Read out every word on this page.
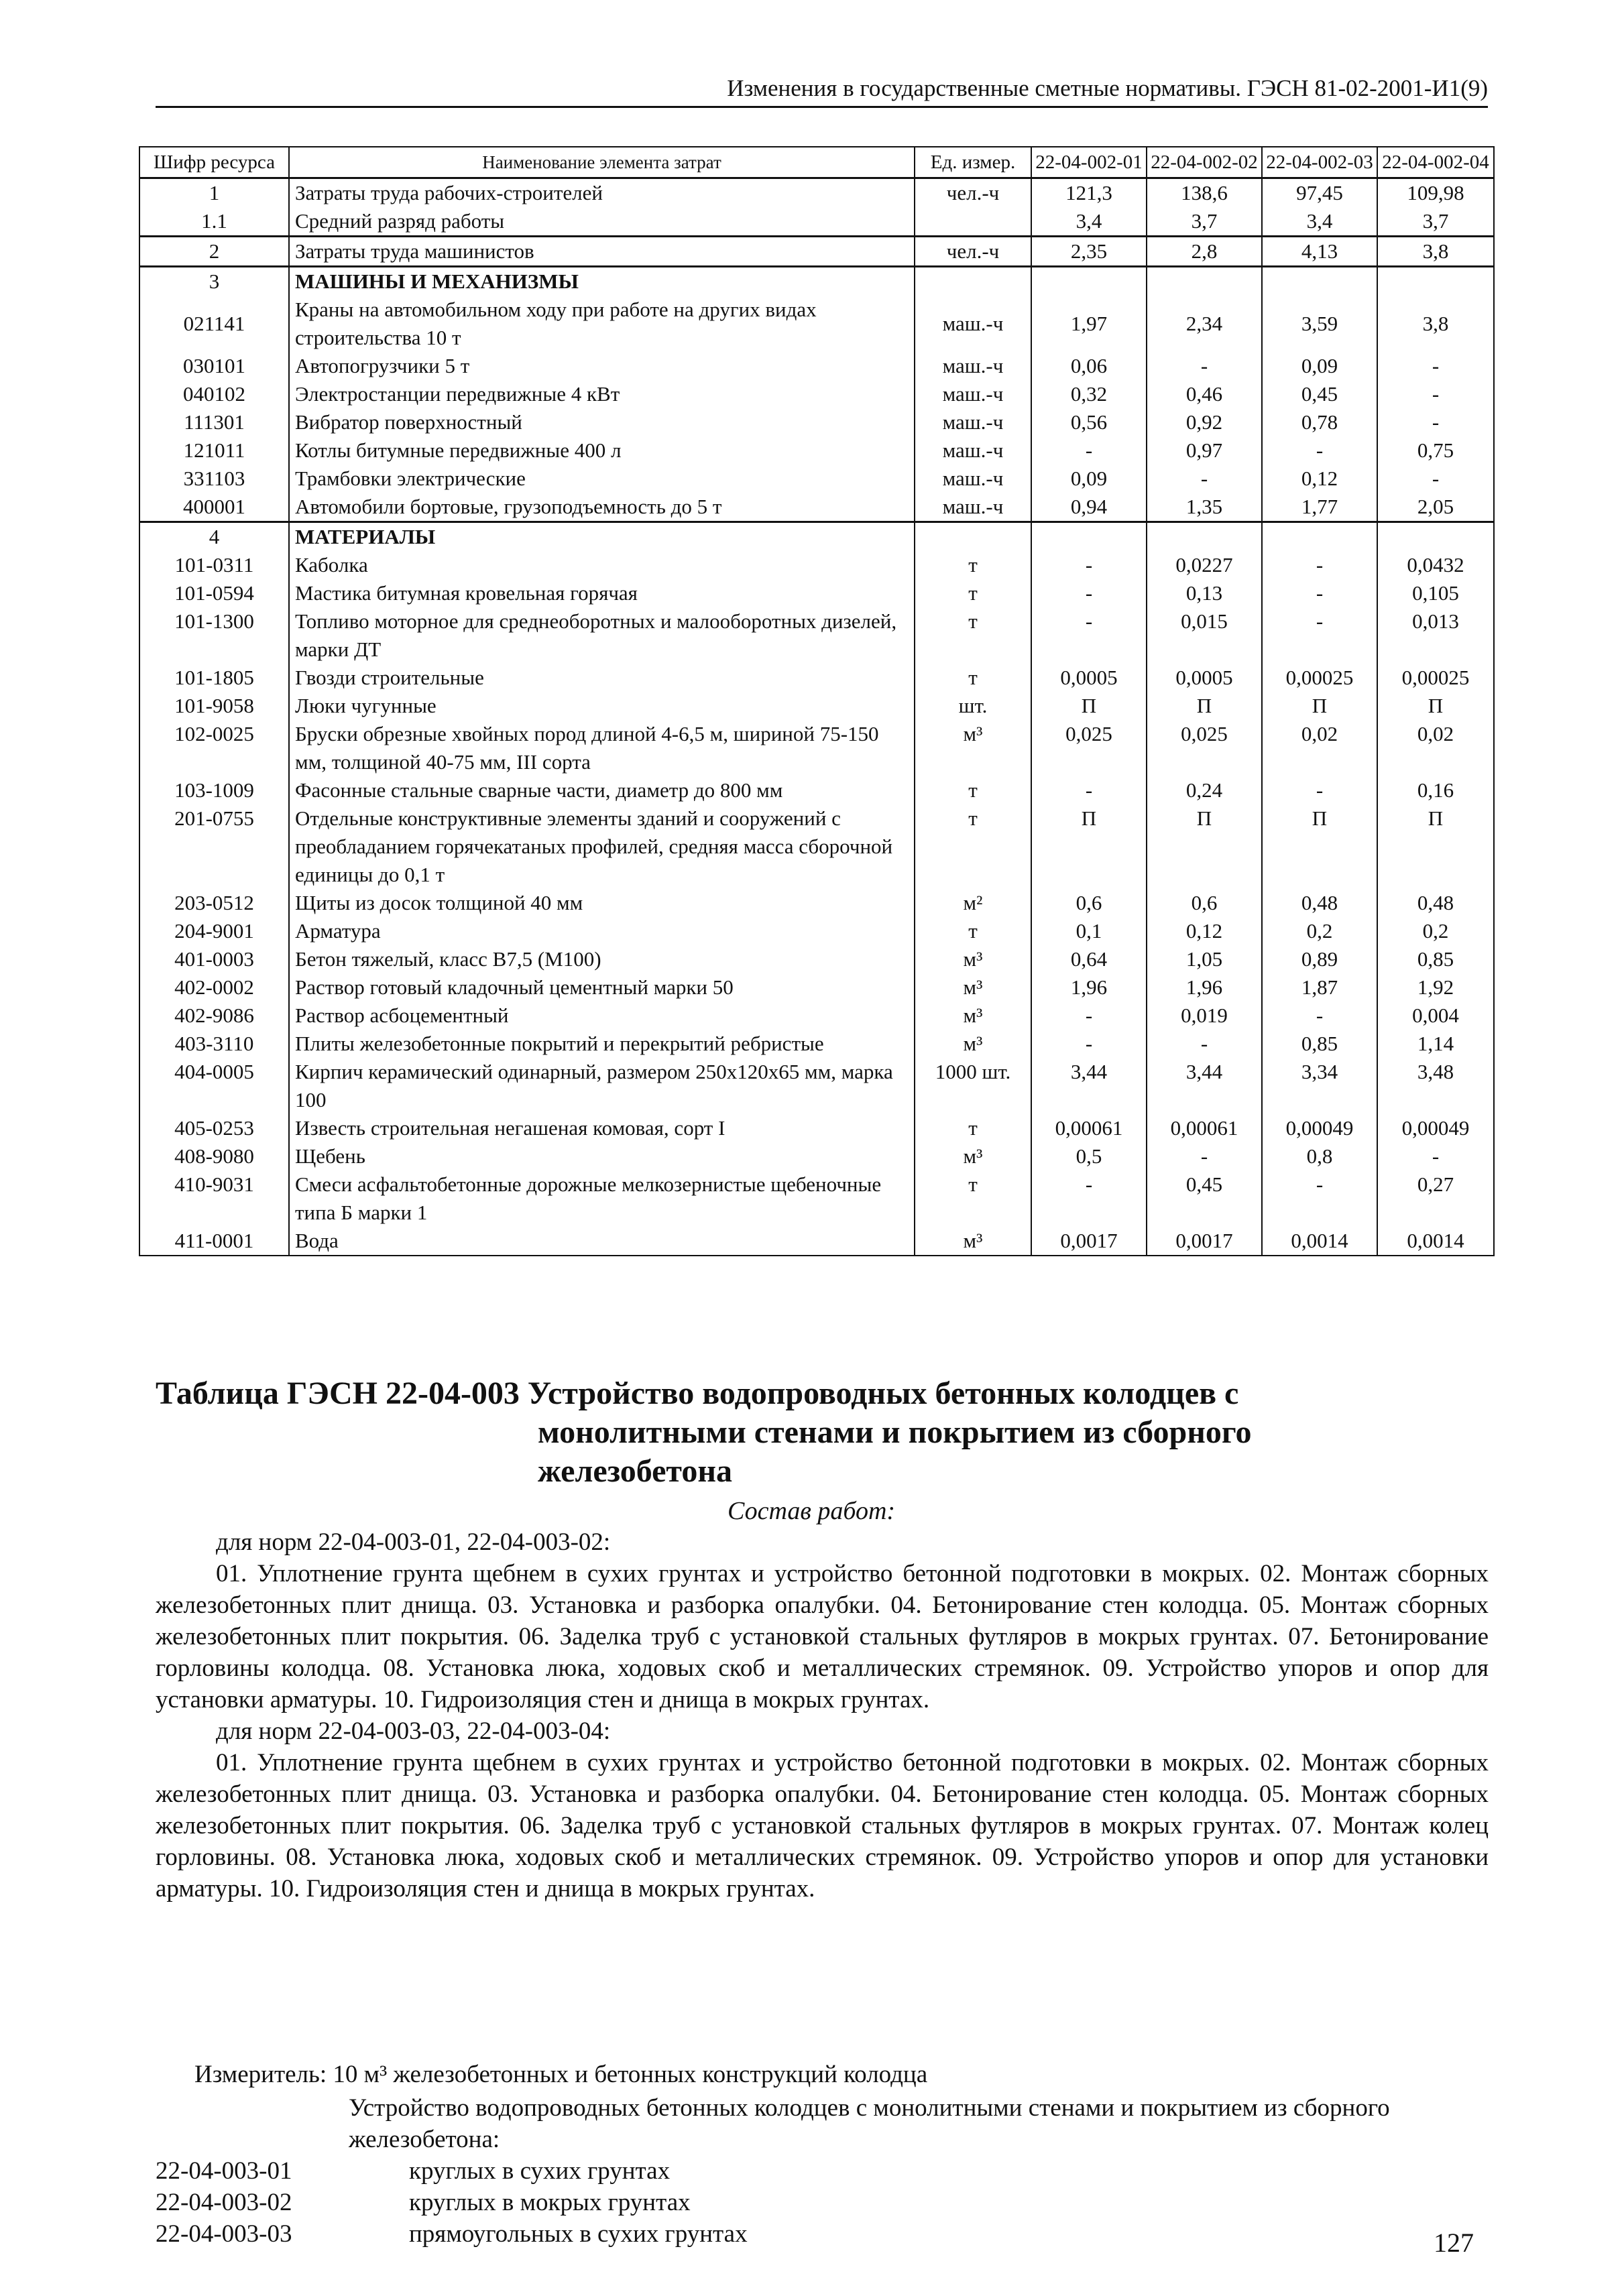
Изменения в государственные сметные нормативы. ГЭСН 81-02-2001-И1(9)
Шифр ресурса	Наименование элемента затрат	Ед. измер.	22-04-002-01	22-04-002-02	22-04-002-03	22-04-002-04
1	Затраты труда рабочих-строителей	чел.-ч	121,3	138,6	97,45	109,98
1.1	Средний разряд работы		3,4	3,7	3,4	3,7
2	Затраты труда машинистов	чел.-ч	2,35	2,8	4,13	3,8
3	МАШИНЫ И МЕХАНИЗМЫ					
021141	Краны на автомобильном ходу при работе на других видах строительства 10 т	маш.-ч	1,97	2,34	3,59	3,8
030101	Автопогрузчики 5 т	маш.-ч	0,06	-	0,09	-
040102	Электростанции передвижные 4 кВт	маш.-ч	0,32	0,46	0,45	-
111301	Вибратор поверхностный	маш.-ч	0,56	0,92	0,78	-
121011	Котлы битумные передвижные 400 л	маш.-ч	-	0,97	-	0,75
331103	Трамбовки электрические	маш.-ч	0,09	-	0,12	-
400001	Автомобили бортовые, грузоподъемность до 5 т	маш.-ч	0,94	1,35	1,77	2,05
4	МАТЕРИАЛЫ					
101-0311	Каболка	т	-	0,0227	-	0,0432
101-0594	Мастика битумная кровельная горячая	т	-	0,13	-	0,105
101-1300	Топливо моторное для среднеоборотных и малооборотных дизелей, марки ДТ	т	-	0,015	-	0,013
101-1805	Гвозди строительные	т	0,0005	0,0005	0,00025	0,00025
101-9058	Люки чугунные	шт.	П	П	П	П
102-0025	Бруски обрезные хвойных пород длиной 4-6,5 м, шириной 75-150 мм, толщиной 40-75 мм, III сорта	м³	0,025	0,025	0,02	0,02
103-1009	Фасонные стальные сварные части, диаметр до 800 мм	т	-	0,24	-	0,16
201-0755	Отдельные конструктивные элементы зданий и сооружений с преобладанием горячекатаных профилей, средняя масса сборочной единицы до 0,1 т	т	П	П	П	П
203-0512	Щиты из досок толщиной 40 мм	м²	0,6	0,6	0,48	0,48
204-9001	Арматура	т	0,1	0,12	0,2	0,2
401-0003	Бетон тяжелый, класс В7,5 (М100)	м³	0,64	1,05	0,89	0,85
402-0002	Раствор готовый кладочный цементный марки 50	м³	1,96	1,96	1,87	1,92
402-9086	Раствор асбоцементный	м³	-	0,019	-	0,004
403-3110	Плиты железобетонные покрытий и перекрытий ребристые	м³	-	-	0,85	1,14
404-0005	Кирпич керамический одинарный, размером 250x120x65 мм, марка 100	1000 шт.	3,44	3,44	3,34	3,48
405-0253	Известь строительная негашеная комовая, сорт I	т	0,00061	0,00061	0,00049	0,00049
408-9080	Щебень	м³	0,5	-	0,8	-
410-9031	Смеси асфальтобетонные дорожные мелкозернистые щебеночные типа Б марки 1	т	-	0,45	-	0,27
411-0001	Вода	м³	0,0017	0,0017	0,0014	0,0014
Таблица ГЭСН 22-04-003 Устройство водопроводных бетонных колодцев с
монолитными стенами и покрытием из сборного
железобетона
Состав работ:
для норм 22-04-003-01, 22-04-003-02:
01. Уплотнение грунта щебнем в сухих грунтах и устройство бетонной подготовки в мокрых. 02. Монтаж сборных железобетонных плит днища. 03. Установка и разборка опалубки. 04. Бетонирование стен колодца. 05. Монтаж сборных железобетонных плит покрытия. 06. Заделка труб с установкой стальных футляров в мокрых грунтах. 07. Бетонирование горловины колодца. 08. Установка люка, ходовых скоб и металлических стремянок. 09. Устройство упоров и опор для установки арматуры. 10. Гидроизоляция стен и днища в мокрых грунтах.
для норм 22-04-003-03, 22-04-003-04:
01. Уплотнение грунта щебнем в сухих грунтах и устройство бетонной подготовки в мокрых. 02. Монтаж сборных железобетонных плит днища. 03. Установка и разборка опалубки. 04. Бетонирование стен колодца. 05. Монтаж сборных железобетонных плит покрытия. 06. Заделка труб с установкой стальных футляров в мокрых грунтах. 07. Монтаж колец горловины. 08. Установка люка, ходовых скоб и металлических стремянок. 09. Устройство упоров и опор для установки арматуры. 10. Гидроизоляция стен и днища в мокрых грунтах.
Измеритель: 10 м³ железобетонных и бетонных конструкций колодца
Устройство водопроводных бетонных колодцев с монолитными стенами и покрытием из сборного железобетона:
22-04-003-01	круглых в сухих грунтах
22-04-003-02	круглых в мокрых грунтах
22-04-003-03	прямоугольных в сухих грунтах	127
